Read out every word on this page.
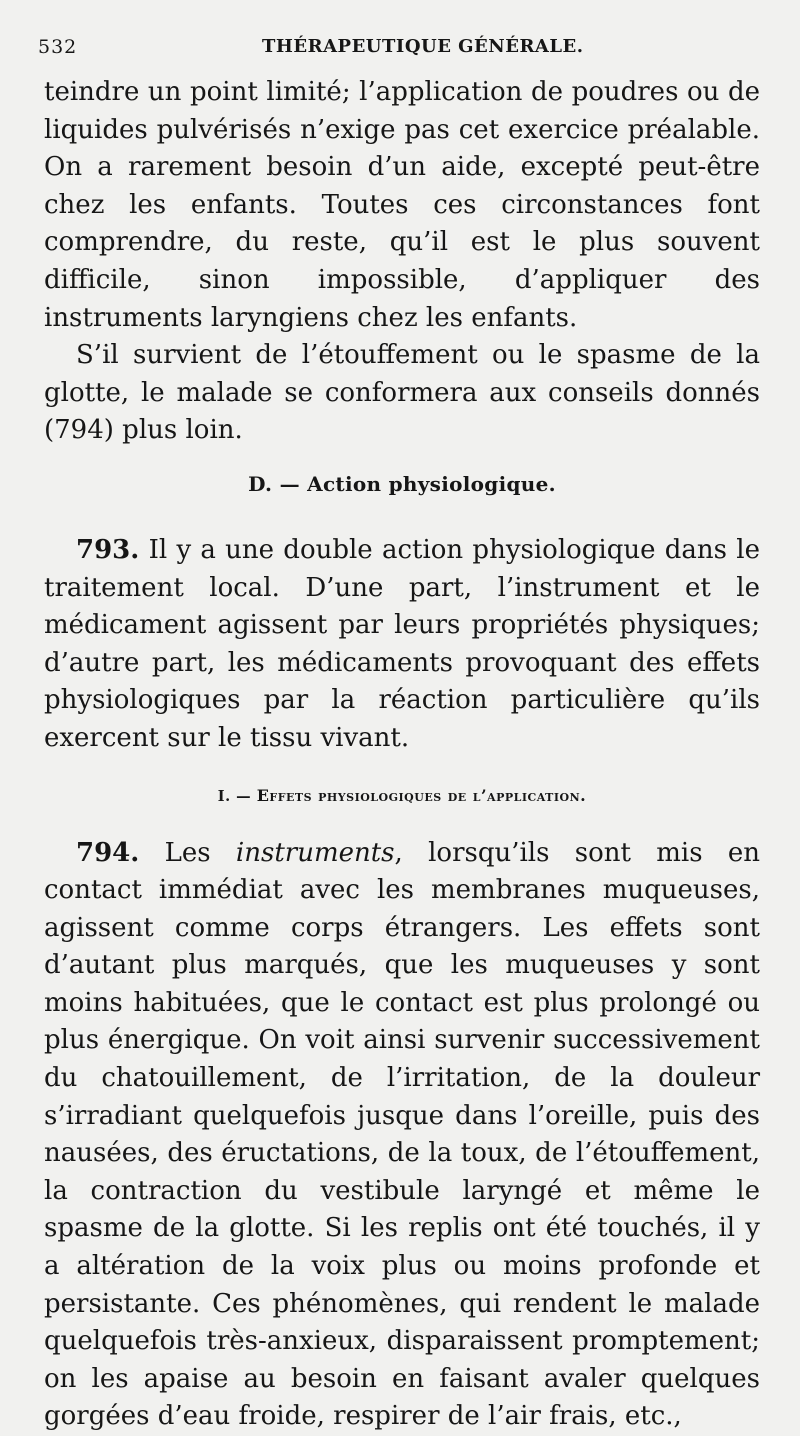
532	THÉRAPEUTIQUE GÉNÉRALE.

teindre un point limité; l’application de poudres ou de liquides pulvérisés n’exige pas cet exercice préalable. On a rarement besoin d’un aide, excepté peut-être chez les enfants. Toutes ces circonstances font comprendre, du reste, qu’il est le plus souvent difficile, sinon impossible, d’appliquer des instruments laryngiens chez les enfants.

S’il survient de l’étouffement ou le spasme de la glotte, le malade se conformera aux conseils donnés (794) plus loin.

D. — Action physiologique.

793. Il y a une double action physiologique dans le traitement local. D’une part, l’instrument et le médicament agissent par leurs propriétés physiques; d’autre part, les médicaments provoquant des effets physiologiques par la réaction particulière qu’ils exercent sur le tissu vivant.

I. — Effets physiologiques de l’application.

794. Les instruments, lorsqu’ils sont mis en contact immédiat avec les membranes muqueuses, agissent comme corps étrangers. Les effets sont d’autant plus marqués, que les muqueuses y sont moins habituées, que le contact est plus prolongé ou plus énergique. On voit ainsi survenir successivement du chatouillement, de l’irritation, de la douleur s’irradiant quelquefois jusque dans l’oreille, puis des nausées, des éructations, de la toux, de l’étouffement, la contraction du vestibule laryngé et même le spasme de la glotte. Si les replis ont été touchés, il y a altération de la voix plus ou moins profonde et persistante. Ces phénomènes, qui rendent le malade quelquefois très-anxieux, disparaissent promptement; on les apaise au besoin en faisant avaler quelques gorgées d’eau froide, respirer de l’air frais, etc.,
